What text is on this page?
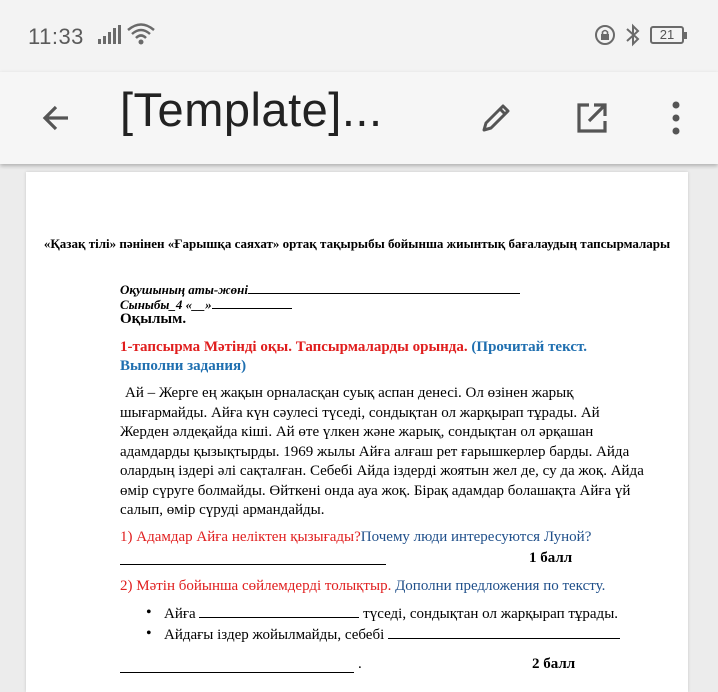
11:33	21
[Template]...
«Қазақ тілі» пәнінен «Ғарышқа саяхат» ортақ тақырыбы бойынша жиынтық бағалаудың тапсырмалары
Оқушының аты-жөні
Сыныбы_4 «__»
Оқылым.
1-тапсырма Мәтінді оқы. Тапсырмаларды орында. (Прочитай текст. Выполни задания)
Ай – Жерге ең жақын орналасқан суық аспан денесі. Ол өзінен жарық шығармайды. Айға күн сәулесі түседі, сондықтан ол жарқырап тұрады. Ай Жерден әлдеқайда кіші. Ай өте үлкен және жарық, сондықтан ол әрқашан адамдарды қызықтырды. 1969 жылы Айға алғаш рет ғарышкерлер барды. Айда олардың іздері әлі сақталған. Себебі Айда іздерді жоятын жел де, су да жоқ. Айда өмір сүруге болмайды. Өйткені онда ауа жоқ. Бірақ адамдар болашақта Айға үй салып, өмір сүруді армандайды.
1) Адамдар Айға неліктен қызығады?Почему люди интересуются Луной?
1 балл
2) Мәтін бойынша сөйлемдерді толықтыр. Дополни предложения по тексту.
• Айға	түседі, сондықтан ол жарқырап тұрады.
• Айдағы іздер жойылмайды, себебі
.	2 балл
